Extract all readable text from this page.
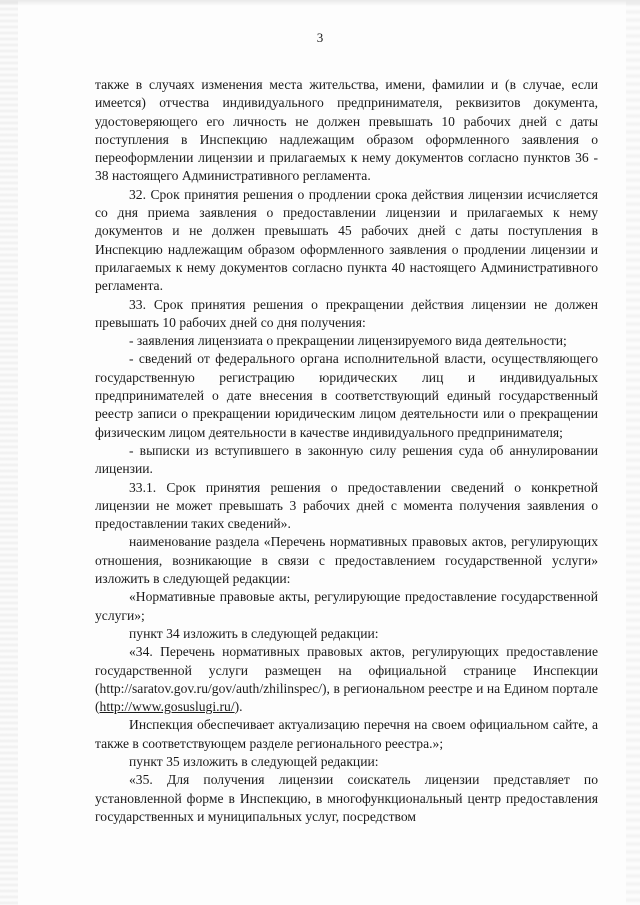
3

также в случаях изменения места жительства, имени, фамилии и (в случае, если имеется) отчества индивидуального предпринимателя, реквизитов документа, удостоверяющего его личность не должен превышать 10 рабочих дней с даты поступления в Инспекцию надлежащим образом оформленного заявления о переоформлении лицензии и прилагаемых к нему документов согласно пунктов 36 - 38 настоящего Административного регламента.

32. Срок принятия решения о продлении срока действия лицензии исчисляется со дня приема заявления о предоставлении лицензии и прилагаемых к нему документов и не должен превышать 45 рабочих дней с даты поступления в Инспекцию надлежащим образом оформленного заявления о продлении лицензии и прилагаемых к нему документов согласно пункта 40 настоящего Административного регламента.

33. Срок принятия решения о прекращении действия лицензии не должен превышать 10 рабочих дней со дня получения:

- заявления лицензиата о прекращении лицензируемого вида деятельности;

- сведений от федерального органа исполнительной власти, осуществляющего государственную регистрацию юридических лиц и индивидуальных предпринимателей о дате внесения в соответствующий единый государственный реестр записи о прекращении юридическим лицом деятельности или о прекращении физическим лицом деятельности в качестве индивидуального предпринимателя;

- выписки из вступившего в законную силу решения суда об аннулировании лицензии.

33.1. Срок принятия решения о предоставлении сведений о конкретной лицензии не может превышать 3 рабочих дней с момента получения заявления о предоставлении таких сведений».

наименование раздела «Перечень нормативных правовых актов, регулирующих отношения, возникающие в связи с предоставлением государственной услуги» изложить в следующей редакции:

«Нормативные правовые акты, регулирующие предоставление государственной услуги»;

пункт 34 изложить в следующей редакции:

«34. Перечень нормативных правовых актов, регулирующих предоставление государственной услуги размещен на официальной странице Инспекции (http://saratov.gov.ru/gov/auth/zhilinspec/), в региональном реестре и на Едином портале (http://www.gosuslugi.ru/).

Инспекция обеспечивает актуализацию перечня на своем официальном сайте, а также в соответствующем разделе регионального реестра.»;

пункт 35 изложить в следующей редакции:

«35. Для получения лицензии соискатель лицензии представляет по установленной форме в Инспекцию, в многофункциональный центр предоставления государственных и муниципальных услуг, посредством
